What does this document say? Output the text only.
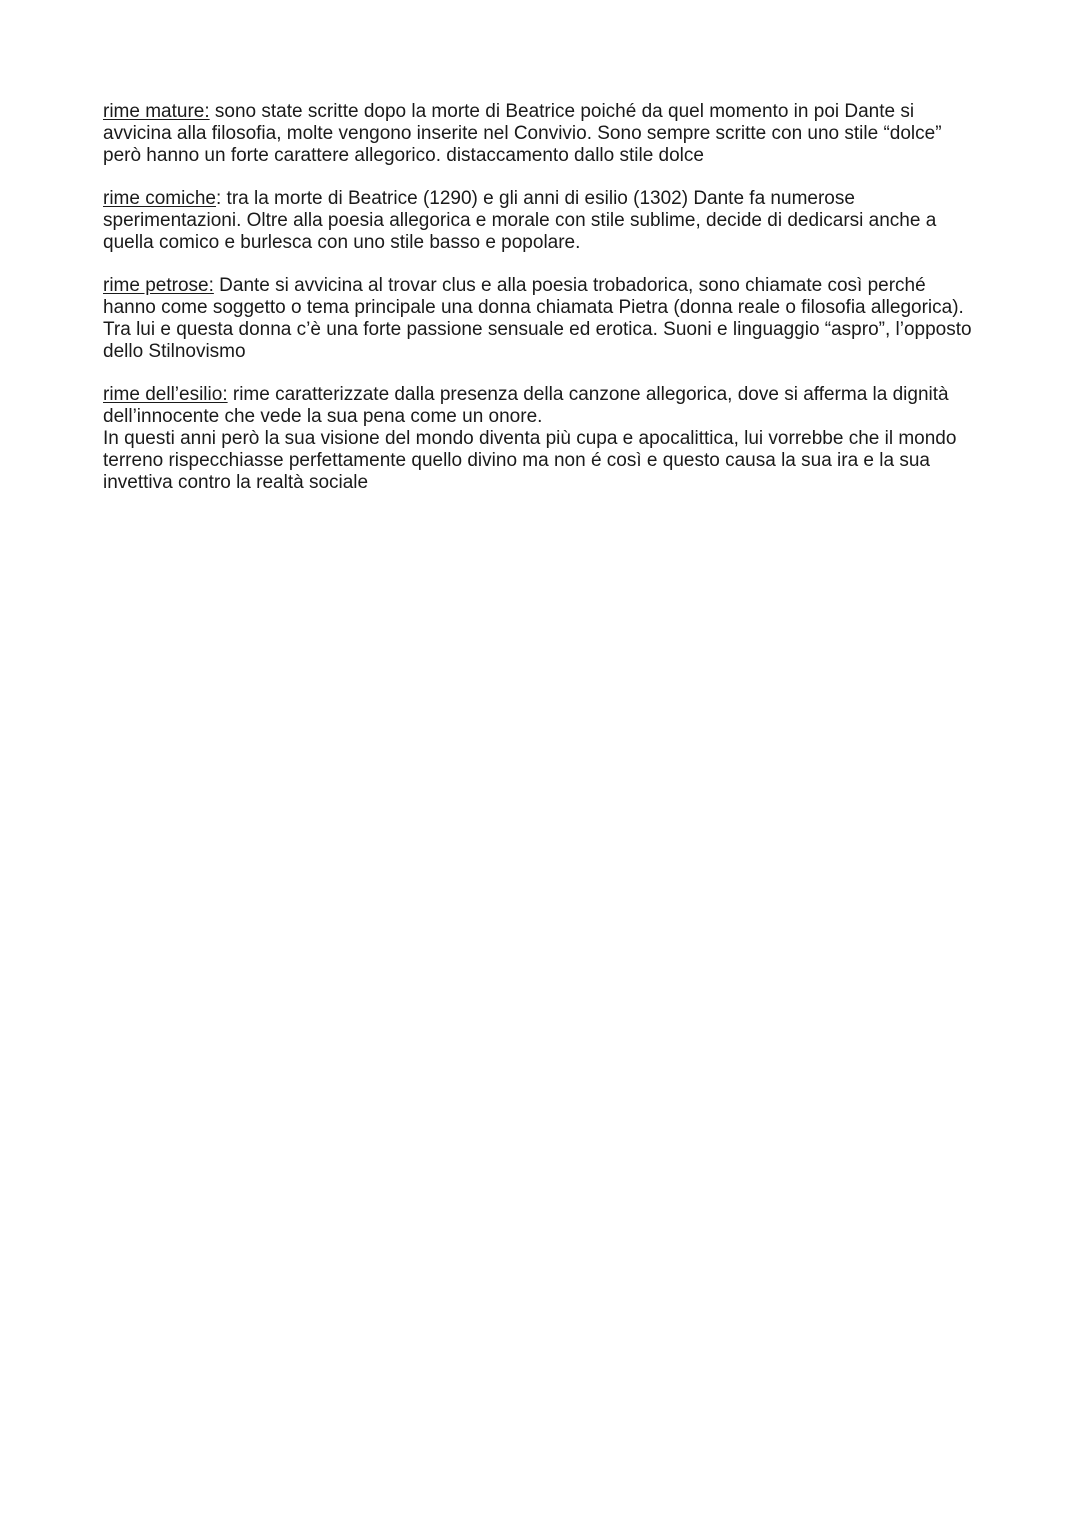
rime mature: sono state scritte dopo la morte di Beatrice poiché da quel momento in poi Dante si avvicina alla filosofia, molte vengono inserite nel Convivio. Sono sempre scritte con uno stile “dolce” però hanno un forte carattere allegorico. distaccamento dallo stile dolce

rime comiche: tra la morte di Beatrice (1290) e gli anni di esilio (1302) Dante fa numerose sperimentazioni. Oltre alla poesia allegorica e morale con stile sublime, decide di dedicarsi anche a quella comico e burlesca con uno stile basso e popolare.

rime petrose: Dante si avvicina al trovar clus e alla poesia trobadorica, sono chiamate così perché hanno come soggetto o tema principale una donna chiamata Pietra (donna reale o filosofia allegorica). Tra lui e questa donna c’è una forte passione sensuale ed erotica. Suoni e linguaggio “aspro”, l’opposto dello Stilnovismo

rime dell’esilio: rime caratterizzate dalla presenza della canzone allegorica, dove si afferma la dignità dell’innocente che vede la sua pena come un onore.

In questi anni però la sua visione del mondo diventa più cupa e apocalittica, lui vorrebbe che il mondo terreno rispecchiasse perfettamente quello divino ma non é così e questo causa la sua ira e la sua invettiva contro la realtà sociale
